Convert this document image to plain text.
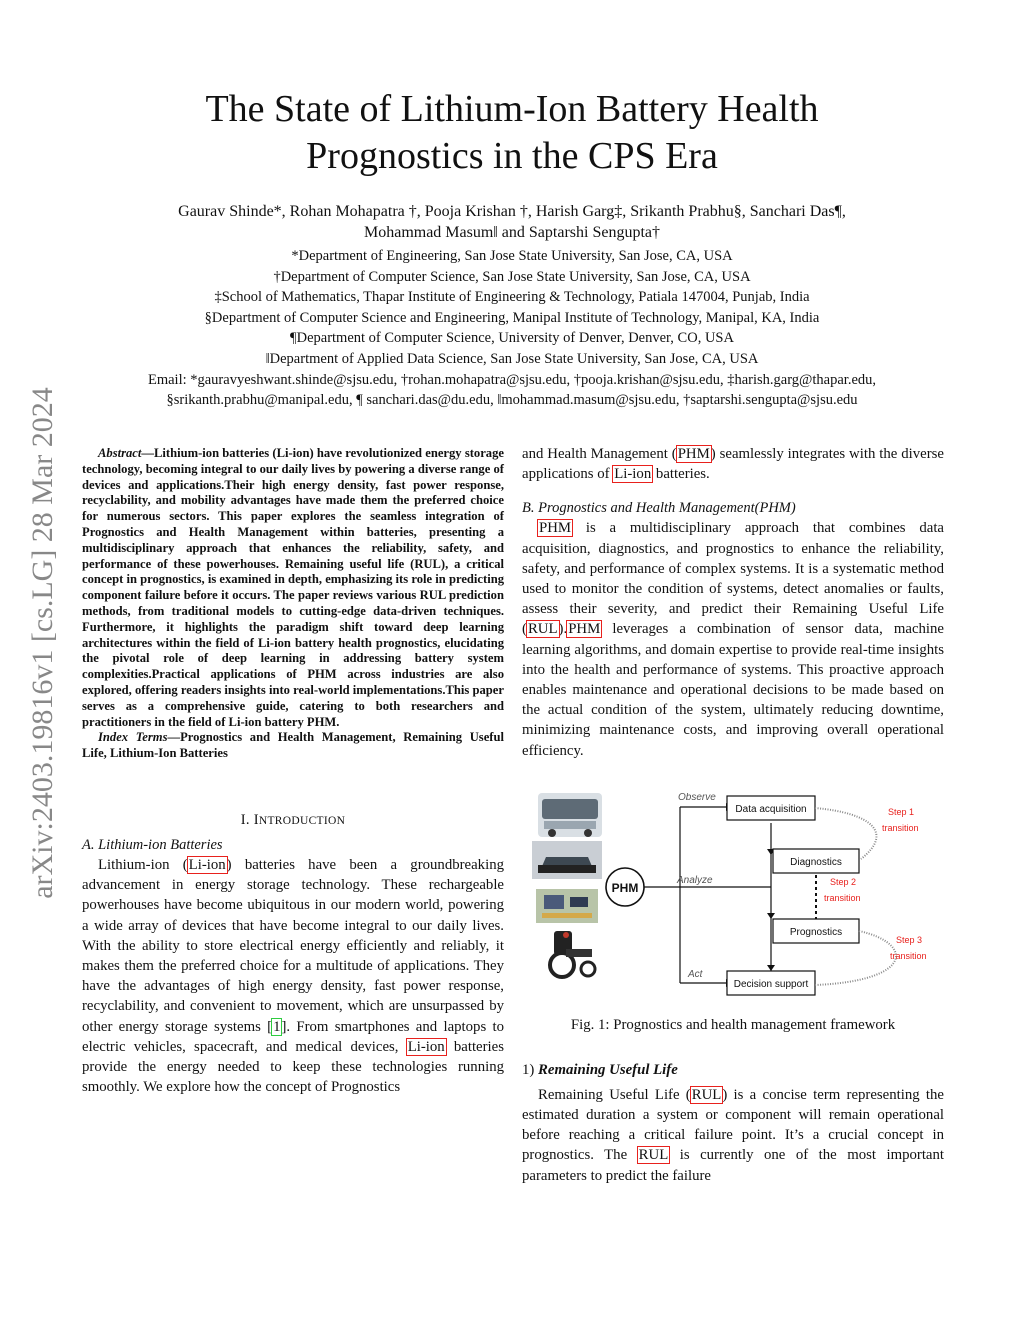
The State of Lithium-Ion Battery Health
Prognostics in the CPS Era
Gaurav Shinde*, Rohan Mohapatra †, Pooja Krishan †, Harish Garg‡, Srikanth Prabhu§, Sanchari Das¶,
Mohammad Masum‖ and Saptarshi Sengupta†
*Department of Engineering, San Jose State University, San Jose, CA, USA
†Department of Computer Science, San Jose State University, San Jose, CA, USA
‡School of Mathematics, Thapar Institute of Engineering & Technology, Patiala 147004, Punjab, India
§Department of Computer Science and Engineering, Manipal Institute of Technology, Manipal, KA, India
¶Department of Computer Science, University of Denver, Denver, CO, USA
‖Department of Applied Data Science, San Jose State University, San Jose, CA, USA
Email: *gauravyeshwant.shinde@sjsu.edu, †rohan.mohapatra@sjsu.edu, †pooja.krishan@sjsu.edu, ‡harish.garg@thapar.edu,
§srikanth.prabhu@manipal.edu, ¶ sanchari.das@du.edu, ‖mohammad.masum@sjsu.edu, †saptarshi.sengupta@sjsu.edu
arXiv:2403.19816v1 [cs.LG] 28 Mar 2024	Abstract—Lithium-ion batteries (Li-ion) have revolutionized energy storage technology, becoming integral to our daily lives by powering a diverse range of devices and applications.Their high energy density, fast power response, recyclability, and mobility advantages have made them the preferred choice for numerous sectors. This paper explores the seamless integration of Prognostics and Health Management within batteries, presenting a multidisciplinary approach that enhances the reliability, safety, and performance of these powerhouses. Remaining useful life (RUL), a critical concept in prognostics, is examined in depth, emphasizing its role in predicting component failure before it occurs. The paper reviews various RUL prediction methods, from traditional models to cutting-edge data-driven techniques. Furthermore, it highlights the paradigm shift toward deep learning architectures within the field of Li-ion battery health prognostics, elucidating the pivotal role of deep learning in addressing battery system complexities.Practical applications of PHM across industries are also explored, offering readers insights into real-world implementations.This paper serves as a comprehensive guide, catering to both researchers and practitioners in the field of Li-ion battery PHM.

Index Terms—Prognostics and Health Management, Remaining Useful Life, Lithium-Ion Batteries

I. INTRODUCTION

A. Lithium-ion Batteries

Lithium-ion (Li-ion) batteries have been a groundbreaking advancement in energy storage technology. These rechargeable powerhouses have become ubiquitous in our modern world, powering a wide array of devices that have become integral to our daily lives. With the ability to store electrical energy efficiently and reliably, it makes them the preferred choice for a multitude of applications. They have the advantages of high energy density, fast power response, recyclability, and convenient to movement, which are unsurpassed by other energy storage systems [1]. From smartphones and laptops to electric vehicles, spacecraft, and medical devices, Li-ion batteries provide the energy needed to keep these technologies running smoothly. We explore how the concept of Prognostics

and Health Management (PHM) seamlessly integrates with the diverse applications of Li-ion batteries.

B. Prognostics and Health Management(PHM)

PHM is a multidisciplinary approach that combines data acquisition, diagnostics, and prognostics to enhance the reliability, safety, and performance of complex systems. It is a systematic method used to monitor the condition of systems, detect anomalies or faults, assess their severity, and predict their Remaining Useful Life (RUL).PHM leverages a combination of sensor data, machine learning algorithms, and domain expertise to provide real-time insights into the health and performance of systems. This proactive approach enables maintenance and operational decisions to be made based on the actual condition of the system, ultimately reducing downtime, minimizing maintenance costs, and improving overall operational efficiency.

PHM
Observe
Analyze
Act
Data acquisition
Diagnostics
Prognostics
Decision support
Step 1
transition
Step 2
transition
Step 3
transition

Fig. 1: Prognostics and health management framework

1) Remaining Useful Life

Remaining Useful Life (RUL) is a concise term representing the estimated duration a system or component will remain operational before reaching a critical failure point. It’s a crucial concept in prognostics. The RUL is currently one of the most important parameters to predict the failure
